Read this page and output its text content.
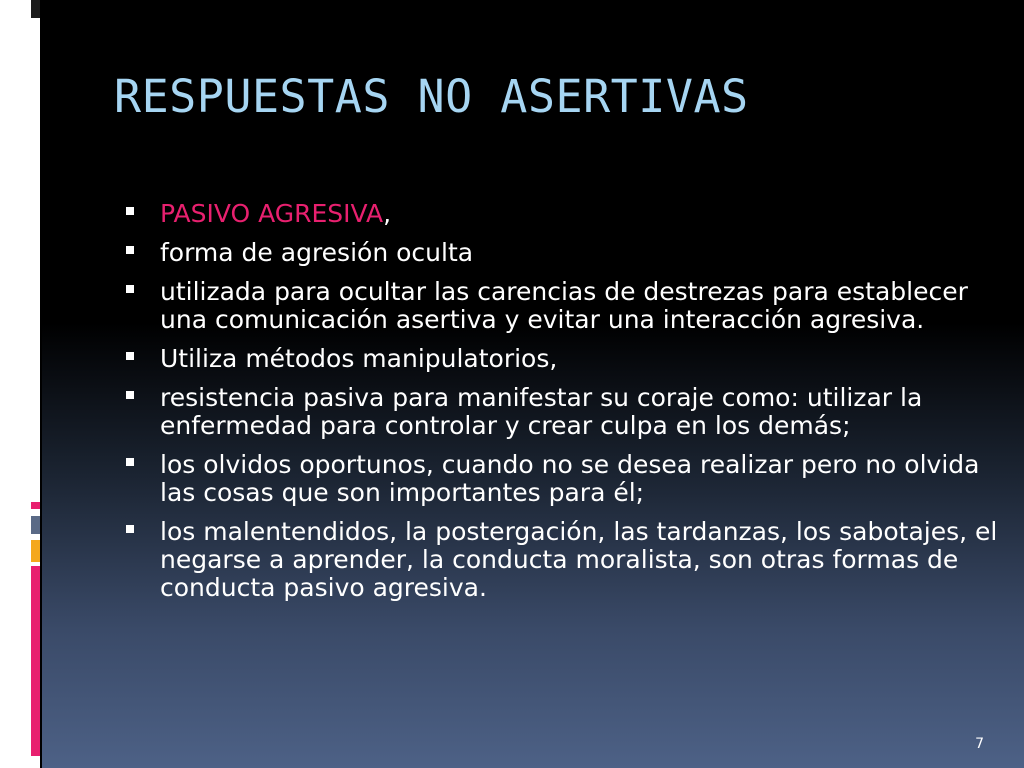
RESPUESTAS NO ASERTIVAS
PASIVO AGRESIVA,
forma de agresión oculta
utilizada para ocultar las carencias de destrezas para establecer una comunicación asertiva y evitar una interacción agresiva.
Utiliza métodos manipulatorios,
resistencia pasiva para manifestar su coraje como: utilizar la enfermedad para controlar y crear culpa en los demás;
los olvidos oportunos, cuando no se desea realizar pero no olvida las cosas que son importantes para él;
los malentendidos, la postergación, las tardanzas, los sabotajes, el negarse a aprender, la conducta moralista, son otras formas de conducta pasivo agresiva.
7
